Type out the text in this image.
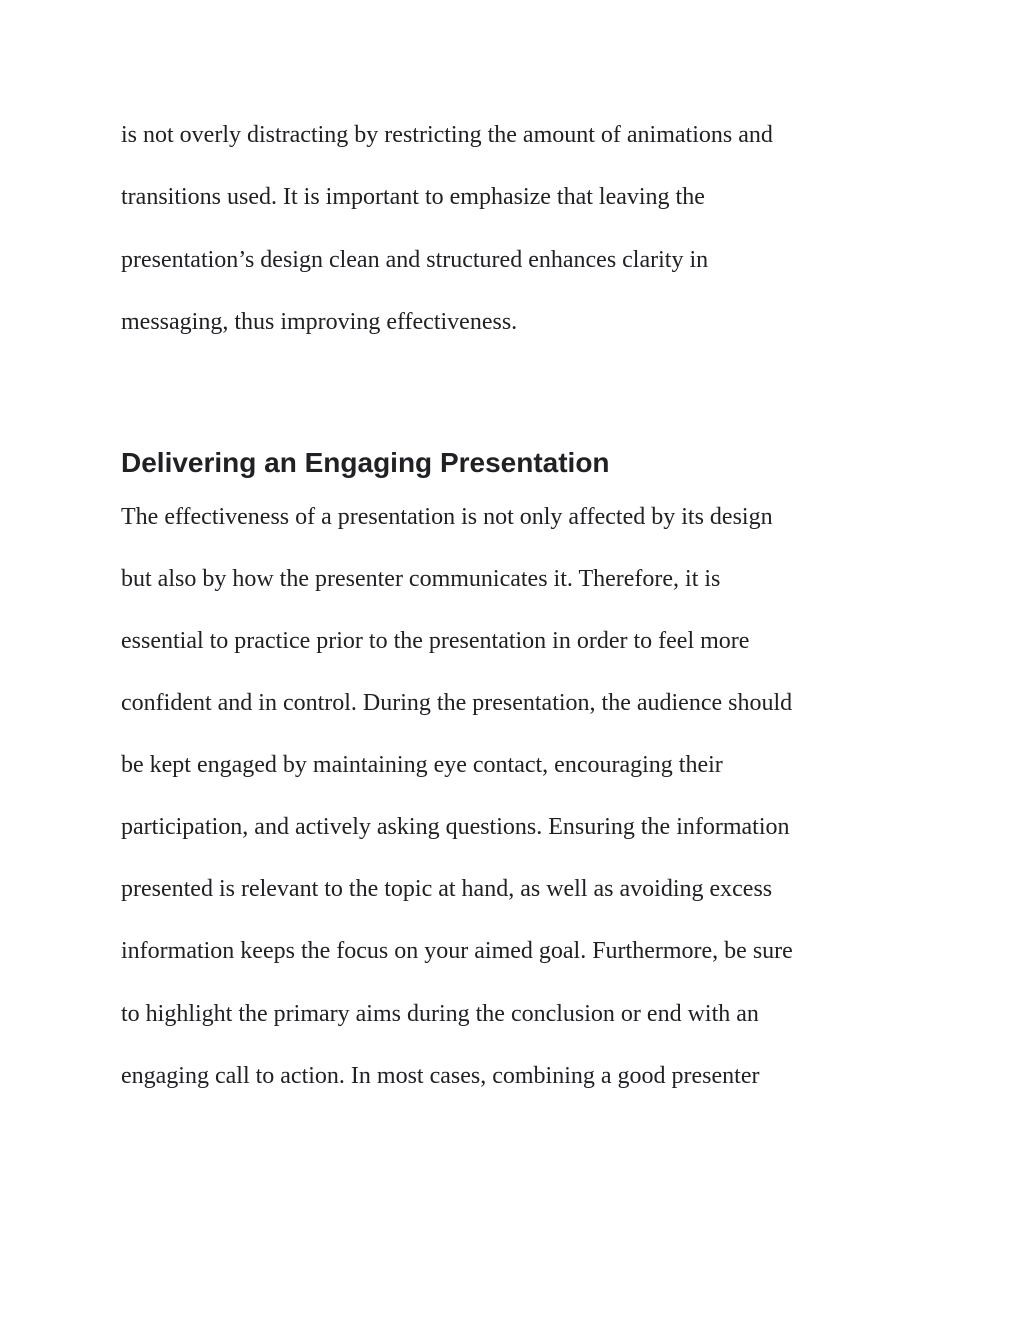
is not overly distracting by restricting the amount of animations and
transitions used. It is important to emphasize that leaving the
presentation’s design clean and structured enhances clarity in
messaging, thus improving effectiveness.
Delivering an Engaging Presentation
The effectiveness of a presentation is not only affected by its design
but also by how the presenter communicates it. Therefore, it is
essential to practice prior to the presentation in order to feel more
confident and in control. During the presentation, the audience should
be kept engaged by maintaining eye contact, encouraging their
participation, and actively asking questions. Ensuring the information
presented is relevant to the topic at hand, as well as avoiding excess
information keeps the focus on your aimed goal. Furthermore, be sure
to highlight the primary aims during the conclusion or end with an
engaging call to action. In most cases, combining a good presenter
